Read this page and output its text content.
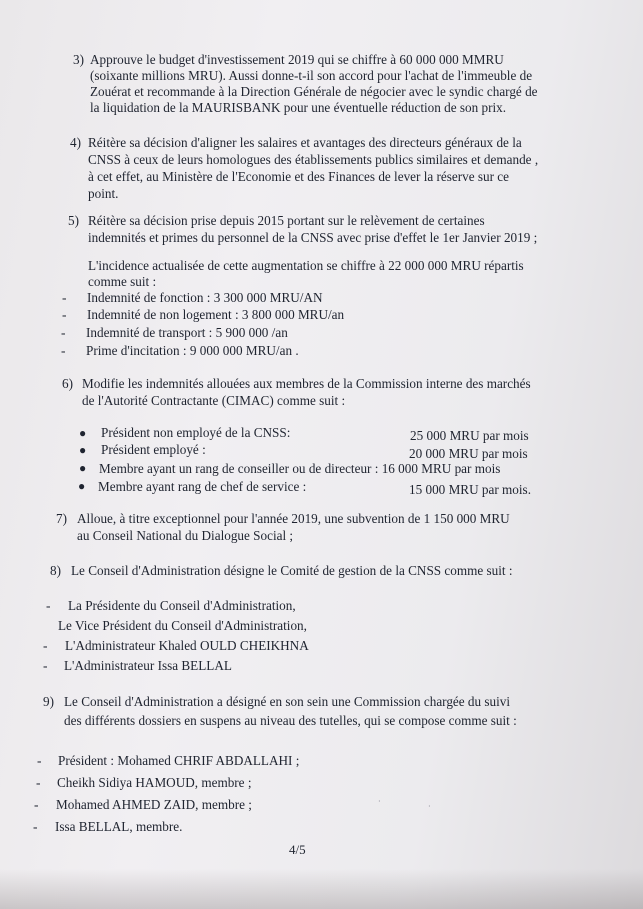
3) Approuve le budget d'investissement 2019 qui se chiffre à 60 000 000 MMRU
(soixante millions MRU). Aussi donne-t-il son accord pour l'achat de l'immeuble de
Zouérat et recommande à la Direction Générale de négocier avec le syndic chargé de
la liquidation de la MAURISBANK pour une éventuelle réduction de son prix.
4) Réitère sa décision d'aligner les salaires et avantages des directeurs généraux de la
CNSS à ceux de leurs homologues des établissements publics similaires et demande ,
à cet effet, au Ministère de l'Economie et des Finances de lever la réserve sur ce
point.
5) Réitère sa décision prise depuis 2015 portant sur le relèvement de certaines
indemnités et primes du personnel de la CNSS avec prise d'effet le 1er Janvier 2019 ;
L'incidence actualisée de cette augmentation se chiffre à 22 000 000 MRU répartis
comme suit :
- Indemnité de fonction : 3 300 000 MRU/AN
- Indemnité de non logement : 3 800 000 MRU/an
- Indemnité de transport : 5 900 000 /an
- Prime d'incitation : 9 000 000 MRU/an .
6) Modifie les indemnités allouées aux membres de la Commission interne des marchés
de l'Autorité Contractante (CIMAC) comme suit :
● Président non employé de la CNSS:	25 000 MRU par mois
● Président employé :	20 000 MRU par mois
● Membre ayant un rang de conseiller ou de directeur : 16 000 MRU par mois
● Membre ayant rang de chef de service :	15 000 MRU par mois.
7) Alloue, à titre exceptionnel pour l'année 2019, une subvention de 1 150 000 MRU
au Conseil National du Dialogue Social ;
8) Le Conseil d'Administration désigne le Comité de gestion de la CNSS comme suit :
- La Présidente du Conseil d'Administration,
Le Vice Président du Conseil d'Administration,
- L'Administrateur Khaled OULD CHEIKHNA
- L'Administrateur Issa BELLAL
9) Le Conseil d'Administration a désigné en son sein une Commission chargée du suivi
des différents dossiers en suspens au niveau des tutelles, qui se compose comme suit :
- Président : Mohamed CHRIF ABDALLAHI ;
- Cheikh Sidiya HAMOUD, membre ;
- Mohamed AHMED ZAID, membre ;
- Issa BELLAL, membre.
·
·
4/5
